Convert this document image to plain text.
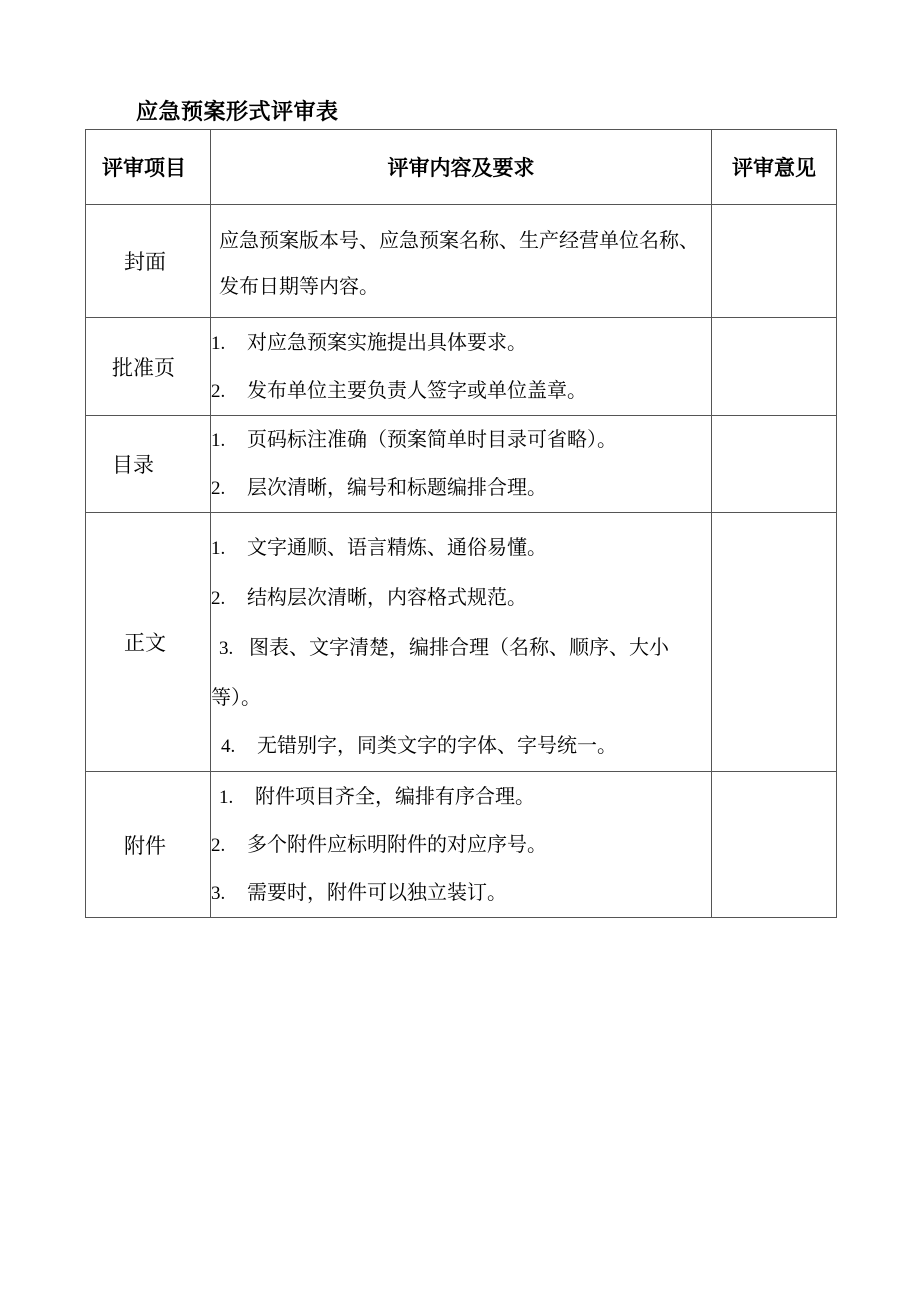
应急预案形式评审表
评审项目	评审内容及要求	评审意见
封面	应急预案版本号、应急预案名称、生产经营单位名称、发布日期等内容。	

批准页	1. 对应急预案实施提出具体要求。
2. 发布单位主要负责人签字或单位盖章。	

目录	1. 页码标注准确（预案简单时目录可省略）。
2. 层次清晰，编号和标题编排合理。	

正文	1. 文字通顺、语言精炼、通俗易懂。
2. 结构层次清晰，内容格式规范。
3. 图表、文字清楚，编排合理（名称、顺序、大小等）。
4. 无错别字，同类文字的字体、字号统一。	

附件	1. 附件项目齐全，编排有序合理。
2. 多个附件应标明附件的对应序号。
3. 需要时，附件可以独立装订。	
